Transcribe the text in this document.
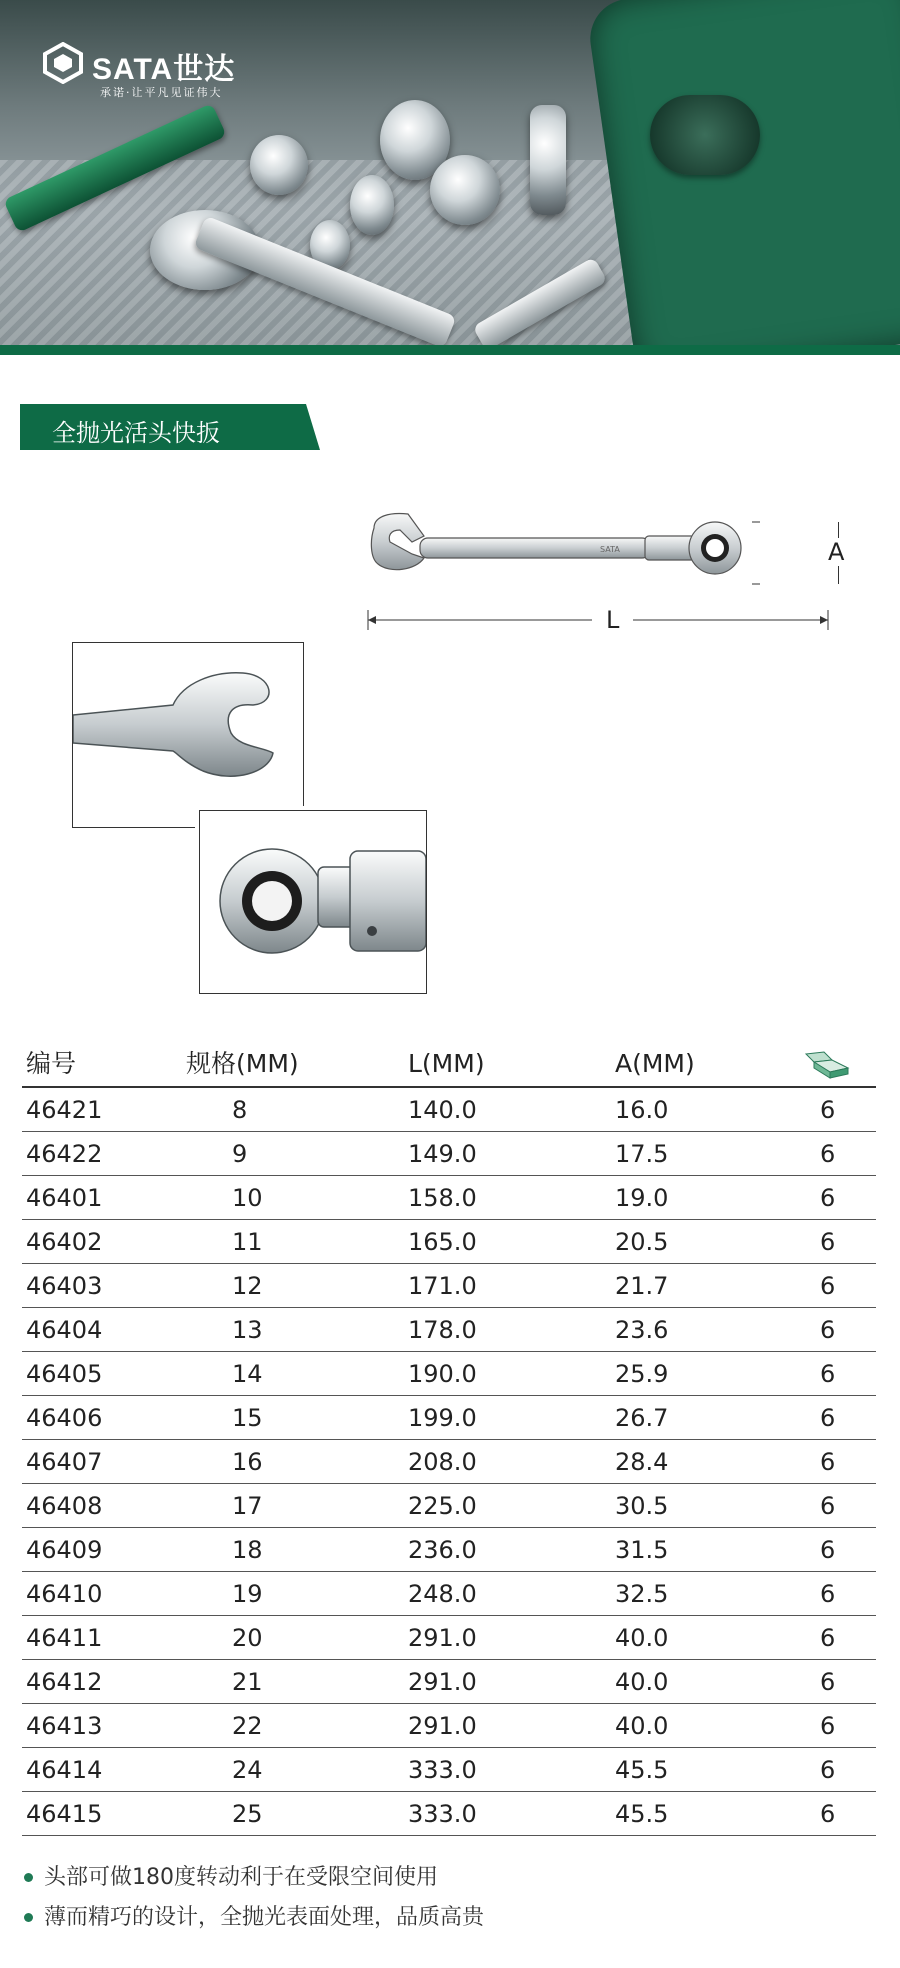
SATA世达
承诺·让平凡见证伟大
全抛光活头快扳
SATA
L
A
编号	规格(MM)	L(MM)	A(MM)
46421	8	140.0	16.0	6
46422	9	149.0	17.5	6
46401	10	158.0	19.0	6
46402	11	165.0	20.5	6
46403	12	171.0	21.7	6
46404	13	178.0	23.6	6
46405	14	190.0	25.9	6
46406	15	199.0	26.7	6
46407	16	208.0	28.4	6
46408	17	225.0	30.5	6
46409	18	236.0	31.5	6
46410	19	248.0	32.5	6
46411	20	291.0	40.0	6
46412	21	291.0	40.0	6
46413	22	291.0	40.0	6
46414	24	333.0	45.5	6
46415	25	333.0	45.5	6
头部可做180度转动利于在受限空间使用
薄而精巧的设计，全抛光表面处理，品质高贵
